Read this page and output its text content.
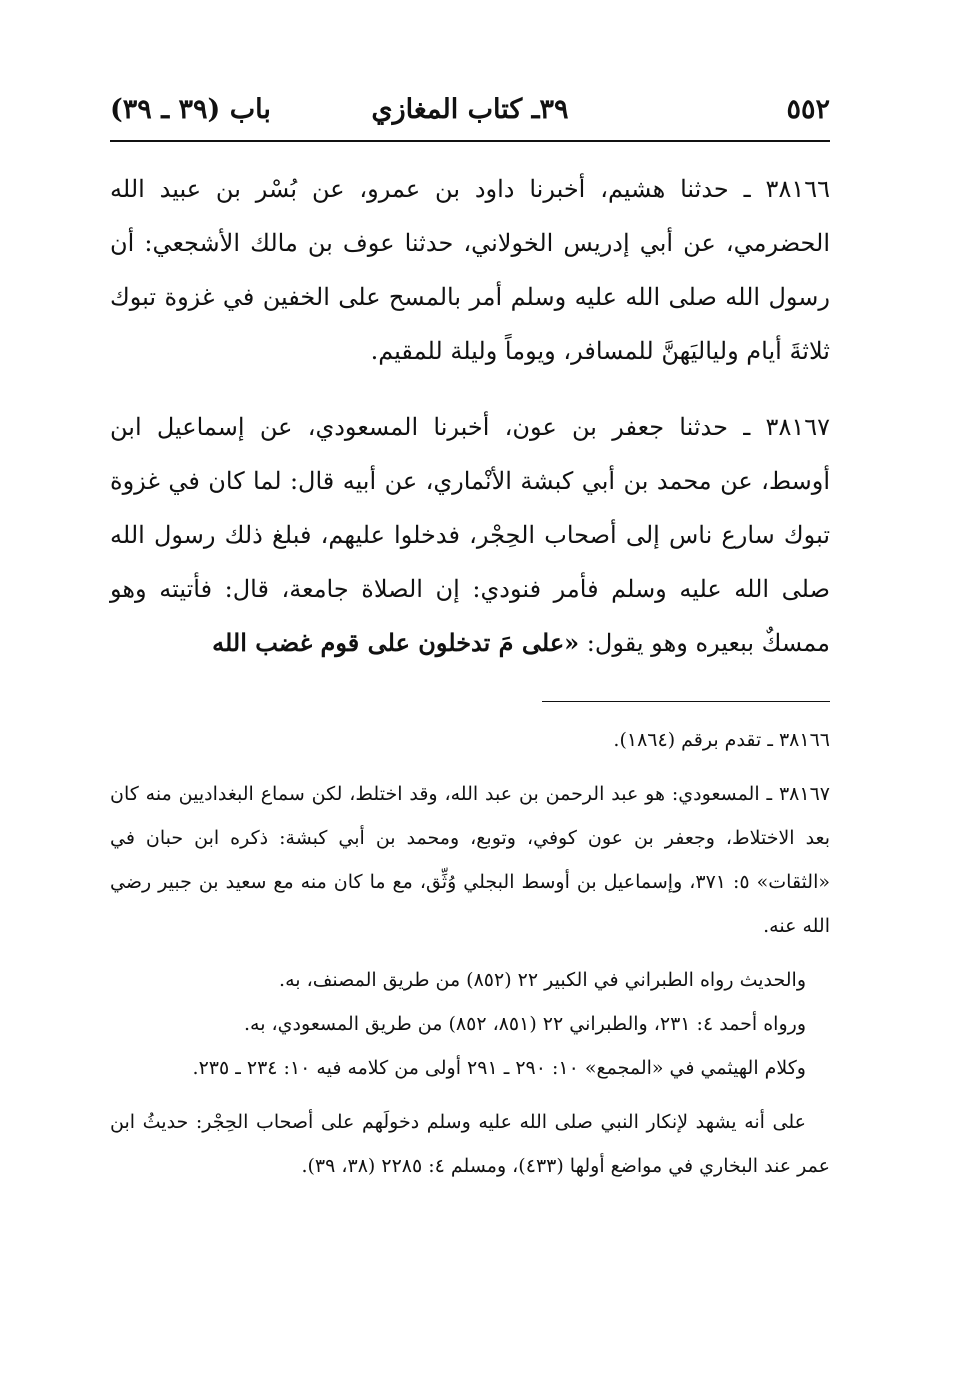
٥٥٢
٣٩ـ كتاب المغازي
باب (٣٩ ـ ٣٩)

٣٨١٦٦ ـ حدثنا هشيم، أخبرنا داود بن عمرو، عن بُسْر بن عبيد الله الحضرمي، عن أبي إدريس الخولاني، حدثنا عوف بن مالك الأشجعي: أن رسول الله صلى الله عليه وسلم أمر بالمسح على الخفين في غزوة تبوك ثلاثةَ أيام ولياليَهنَّ للمسافر، ويوماً وليلة للمقيم.

٣٨١٦٧ ـ حدثنا جعفر بن عون، أخبرنا المسعودي، عن إسماعيل ابن أوسط، عن محمد بن أبي كبشة الأنْماري، عن أبيه قال: لما كان في غزوة تبوك سارع ناس إلى أصحاب الحِجْر، فدخلوا عليهم، فبلغ ذلك رسول الله صلى الله عليه وسلم فأمر فنودي: إن الصلاة جامعة، قال: فأتيته وهو ممسكٌ ببعيره وهو يقول: «على مَ تدخلون على قوم غضب الله

٣٨١٦٦ ـ تقدم برقم (١٨٦٤).

٣٨١٦٧ ـ المسعودي: هو عبد الرحمن بن عبد الله، وقد اختلط، لكن سماع البغداديين منه كان بعد الاختلاط، وجعفر بن عون كوفي، وتوبع، ومحمد بن أبي كبشة: ذكره ابن حبان في «الثقات» ٥: ٣٧١، وإسماعيل بن أوسط البجلي وُثِّق، مع ما كان منه مع سعيد بن جبير رضي الله عنه.

والحديث رواه الطبراني في الكبير ٢٢ (٨٥٢) من طريق المصنف، به.

ورواه أحمد ٤: ٢٣١، والطبراني ٢٢ (٨٥١، ٨٥٢) من طريق المسعودي، به.

وكلام الهيثمي في «المجمع» ١٠: ٢٩٠ ـ ٢٩١ أولى من كلامه فيه ١٠: ٢٣٤ ـ ٢٣٥.

على أنه يشهد لإنكار النبي صلى الله عليه وسلم دخولَهم على أصحاب الحِجْر: حديثُ ابن عمر عند البخاري في مواضع أولها (٤٣٣)، ومسلم ٤: ٢٢٨٥ (٣٨، ٣٩).
